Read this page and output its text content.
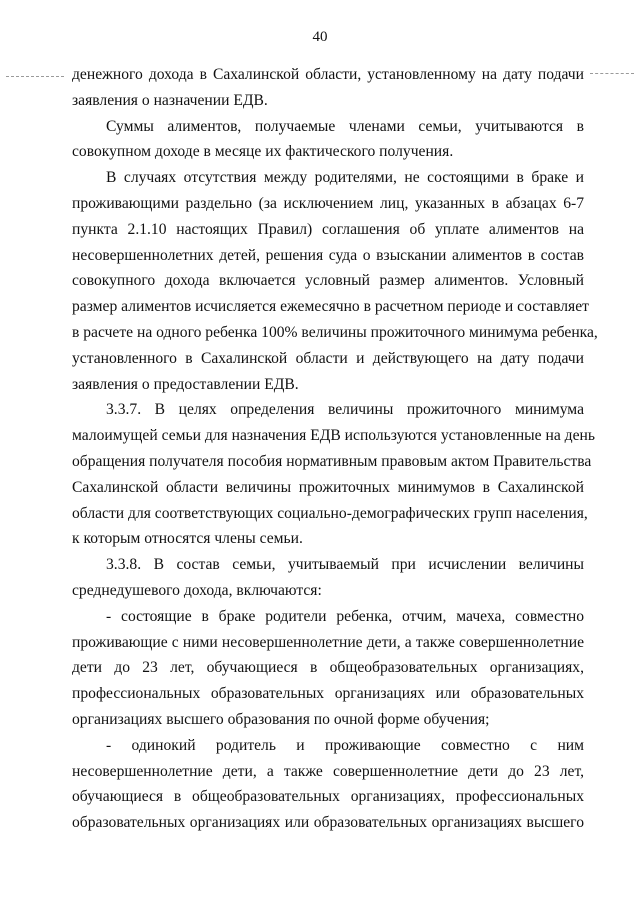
40
денежного дохода в Сахалинской области, установленному на дату подачи
заявления о назначении ЕДВ.
Суммы алиментов, получаемые членами семьи, учитываются в
совокупном доходе в месяце их фактического получения.
В случаях отсутствия между родителями, не состоящими в браке и
проживающими раздельно (за исключением лиц, указанных в абзацах 6-7
пункта 2.1.10 настоящих Правил) соглашения об уплате алиментов на
несовершеннолетних детей, решения суда о взыскании алиментов в состав
совокупного дохода включается условный размер алиментов. Условный
размер алиментов исчисляется ежемесячно в расчетном периоде и составляет
в расчете на одного ребенка 100% величины прожиточного минимума ребенка,
установленного в Сахалинской области и действующего на дату подачи
заявления о предоставлении ЕДВ.
3.3.7. В целях определения величины прожиточного минимума
малоимущей семьи для назначения ЕДВ используются установленные на день
обращения получателя пособия нормативным правовым актом Правительства
Сахалинской области величины прожиточных минимумов в Сахалинской
области для соответствующих социально-демографических групп населения,
к которым относятся члены семьи.
3.3.8. В состав семьи, учитываемый при исчислении величины
среднедушевого дохода, включаются:
- состоящие в браке родители ребенка, отчим, мачеха, совместно
проживающие с ними несовершеннолетние дети, а также совершеннолетние
дети до 23 лет, обучающиеся в общеобразовательных организациях,
профессиональных образовательных организациях или образовательных
организациях высшего образования по очной форме обучения;
- одинокий родитель и проживающие совместно с ним
несовершеннолетние дети, а также совершеннолетние дети до 23 лет,
обучающиеся в общеобразовательных организациях, профессиональных
образовательных организациях или образовательных организациях высшего
